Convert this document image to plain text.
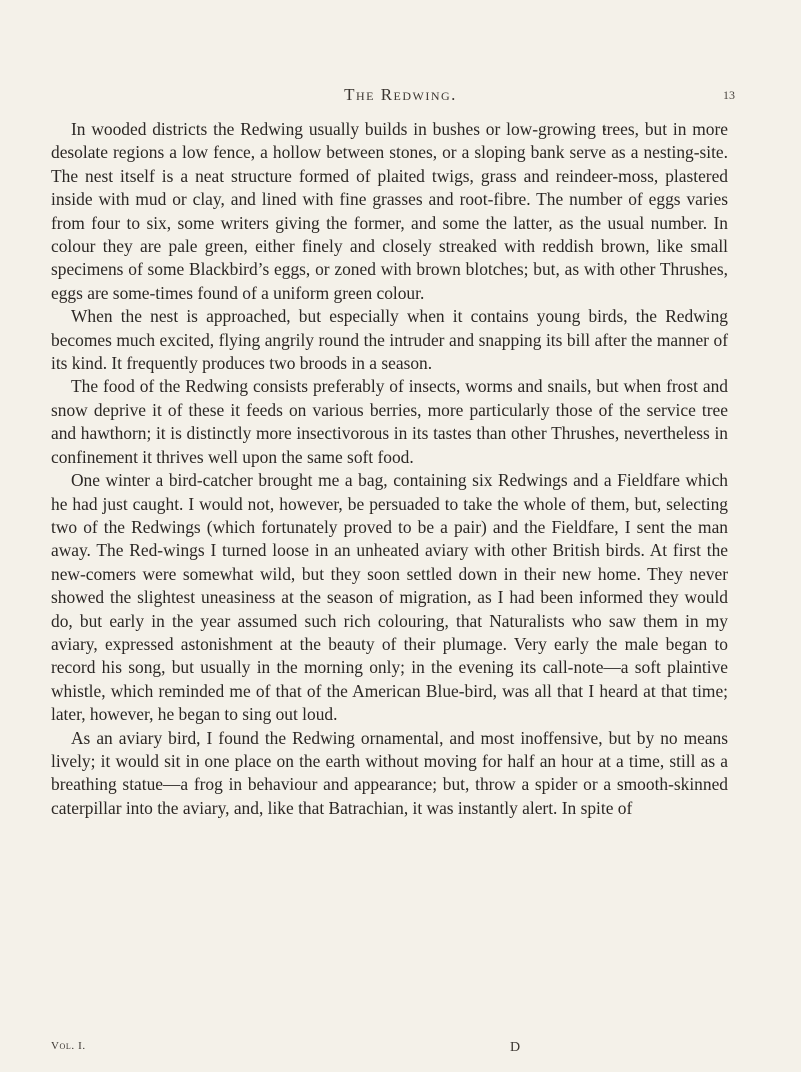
The Redwing.	13

In wooded districts the Redwing usually builds in bushes or low-growing trees, but in more desolate regions a low fence, a hollow between stones, or a sloping bank serve as a nesting-site. The nest itself is a neat structure formed of plaited twigs, grass and reindeer-moss, plastered inside with mud or clay, and lined with fine grasses and root-fibre. The number of eggs varies from four to six, some writers giving the former, and some the latter, as the usual number. In colour they are pale green, either finely and closely streaked with reddish brown, like small specimens of some Blackbird’s eggs, or zoned with brown blotches; but, as with other Thrushes, eggs are some-times found of a uniform green colour.

When the nest is approached, but especially when it contains young birds, the Redwing becomes much excited, flying angrily round the intruder and snapping its bill after the manner of its kind. It frequently produces two broods in a season.

The food of the Redwing consists preferably of insects, worms and snails, but when frost and snow deprive it of these it feeds on various berries, more particularly those of the service tree and hawthorn; it is distinctly more insectivorous in its tastes than other Thrushes, nevertheless in confinement it thrives well upon the same soft food.

One winter a bird-catcher brought me a bag, containing six Redwings and a Fieldfare which he had just caught. I would not, however, be persuaded to take the whole of them, but, selecting two of the Redwings (which fortunately proved to be a pair) and the Fieldfare, I sent the man away. The Red-wings I turned loose in an unheated aviary with other British birds. At first the new-comers were somewhat wild, but they soon settled down in their new home. They never showed the slightest uneasiness at the season of migration, as I had been informed they would do, but early in the year assumed such rich colouring, that Naturalists who saw them in my aviary, expressed astonishment at the beauty of their plumage. Very early the male began to record his song, but usually in the morning only; in the evening its call-note—a soft plaintive whistle, which reminded me of that of the American Blue-bird, was all that I heard at that time; later, however, he began to sing out loud.

As an aviary bird, I found the Redwing ornamental, and most inoffensive, but by no means lively; it would sit in one place on the earth without moving for half an hour at a time, still as a breathing statue—a frog in behaviour and appearance; but, throw a spider or a smooth-skinned caterpillar into the aviary, and, like that Batrachian, it was instantly alert. In spite of

Vol. I.	D
